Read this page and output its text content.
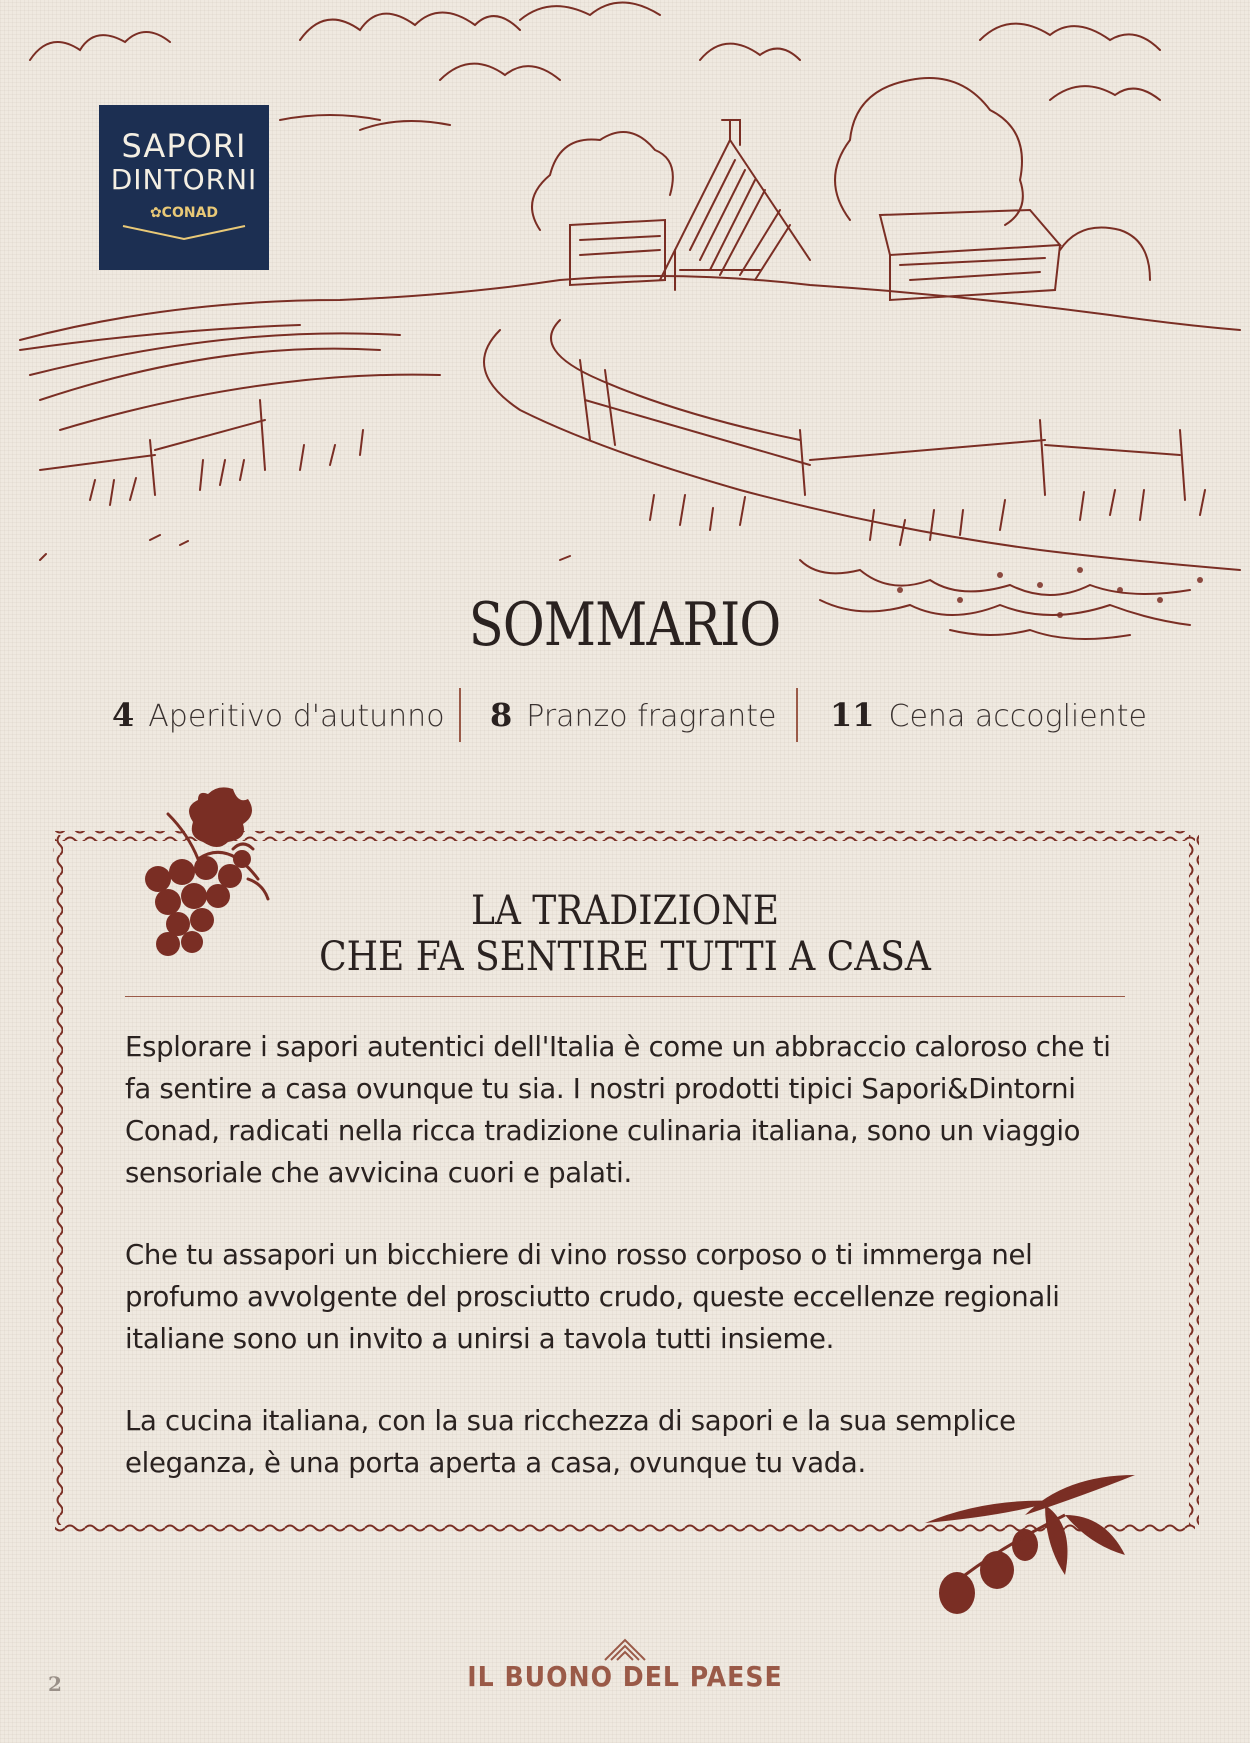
SAPORI
DINTORNI
✿CONAD
SOMMARIO
4 Aperitivo d'autunno 8 Pranzo fragrante 11 Cena accogliente
LA TRADIZIONE
CHE FA SENTIRE TUTTI A CASA

Esplorare i sapori autentici dell'Italia è come un abbraccio caloroso che ti fa sentire a casa ovunque tu sia. I nostri prodotti tipici Sapori&Dintorni Conad, radicati nella ricca tradizione culinaria italiana, sono un viaggio sensoriale che avvicina cuori e palati.

Che tu assapori un bicchiere di vino rosso corposo o ti immerga nel profumo avvolgente del prosciutto crudo, queste eccellenze regionali italiane sono un invito a unirsi a tavola tutti insieme.

La cucina italiana, con la sua ricchezza di sapori e la sua semplice eleganza, è una porta aperta a casa, ovunque tu vada.

2	IL BUONO DEL PAESE
